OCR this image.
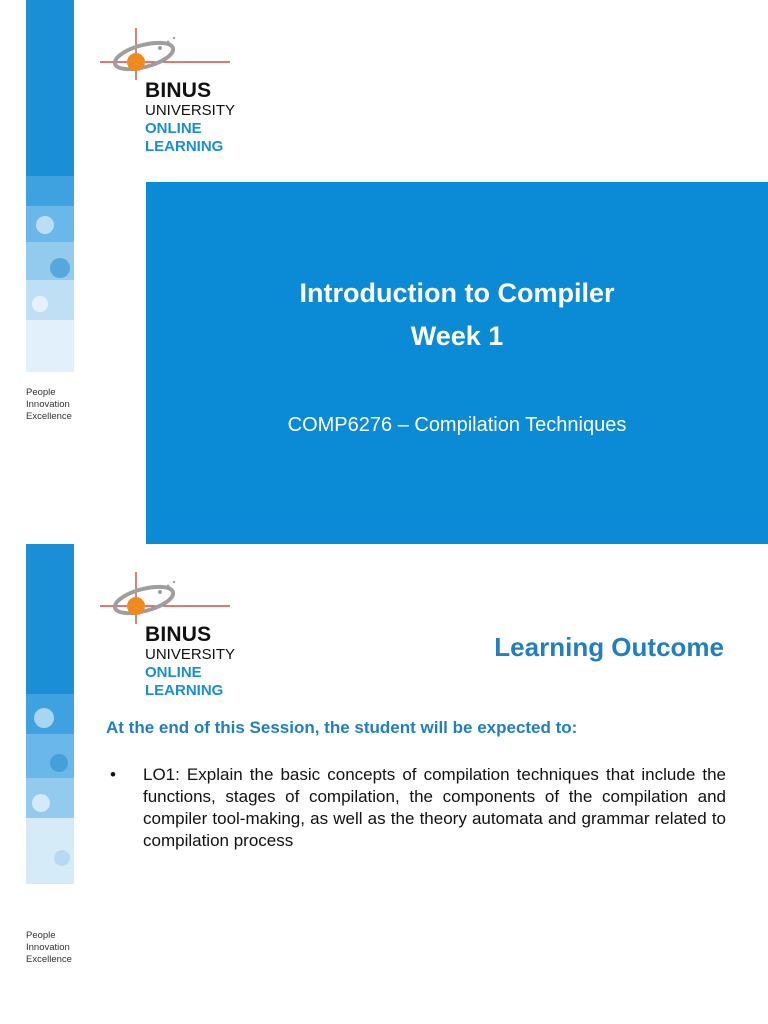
BINUS
UNIVERSITY
ONLINE
LEARNING
People
Innovation
Excellence
Introduction to Compiler
Week 1
COMP6276 – Compilation Techniques
BINUS
UNIVERSITY
ONLINE
LEARNING
Learning Outcome
At the end of this Session, the student will be expected to:
• LO1: Explain the basic concepts of compilation techniques that include the functions, stages of compilation, the components of the compilation and compiler tool-making, as well as the theory automata and grammar related to compilation process
People
Innovation
Excellence
